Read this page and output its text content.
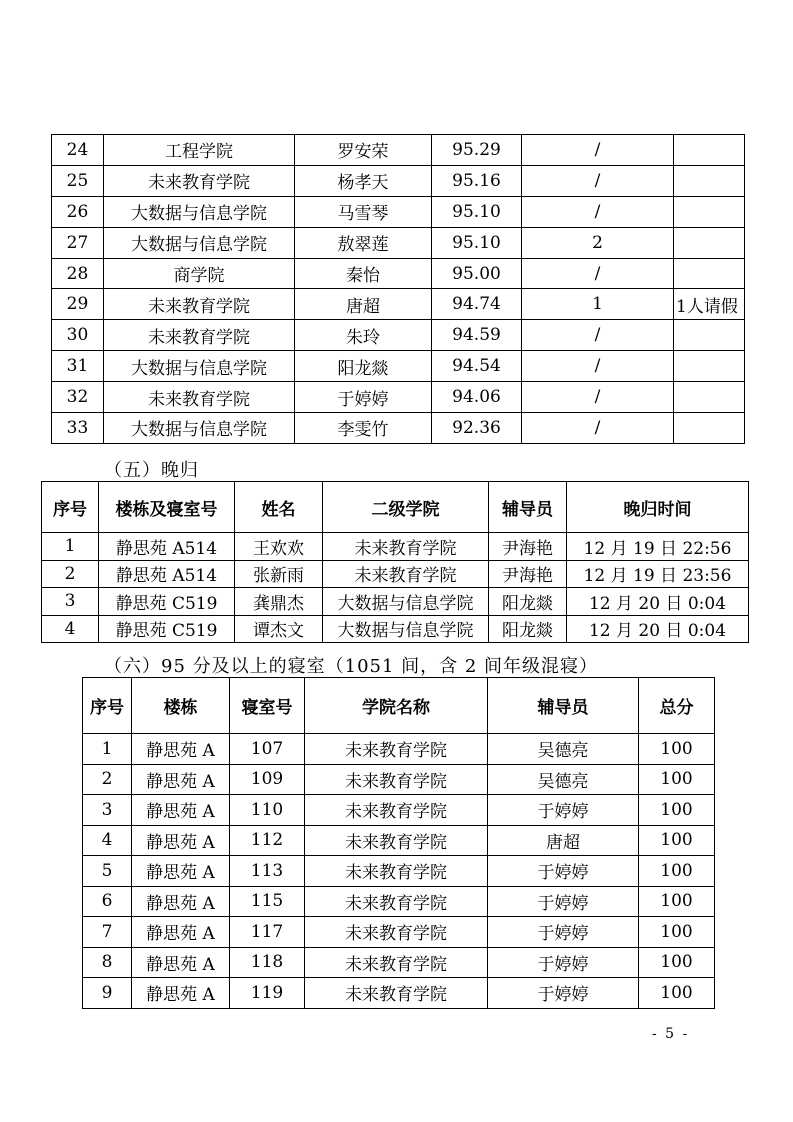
24	工程学院	罗安荣	95.29	/	
25	未来教育学院	杨孝天	95.16	/	
26	大数据与信息学院	马雪琴	95.10	/	
27	大数据与信息学院	敖翠莲	95.10	2	
28	商学院	秦怡	95.00	/	
29	未来教育学院	唐超	94.74	1	1人请假
30	未来教育学院	朱玲	94.59	/	
31	大数据与信息学院	阳龙燚	94.54	/	
32	未来教育学院	于婷婷	94.06	/	
33	大数据与信息学院	李雯竹	92.36	/	
（五）晚归
序号	楼栋及寝室号	姓名	二级学院	辅导员	晚归时间
1	静思苑 A514	王欢欢	未来教育学院	尹海艳	12 月 19 日 22:56
2	静思苑 A514	张新雨	未来教育学院	尹海艳	12 月 19 日 23:56
3	静思苑 C519	龚鼎杰	大数据与信息学院	阳龙燚	12 月 20 日 0:04
4	静思苑 C519	谭杰文	大数据与信息学院	阳龙燚	12 月 20 日 0:04
（六）95 分及以上的寝室（1051 间，含 2 间年级混寝）
序号	楼栋	寝室号	学院名称	辅导员	总分
1	静思苑 A	107	未来教育学院	吴德亮	100
2	静思苑 A	109	未来教育学院	吴德亮	100
3	静思苑 A	110	未来教育学院	于婷婷	100
4	静思苑 A	112	未来教育学院	唐超	100
5	静思苑 A	113	未来教育学院	于婷婷	100
6	静思苑 A	115	未来教育学院	于婷婷	100
7	静思苑 A	117	未来教育学院	于婷婷	100
8	静思苑 A	118	未来教育学院	于婷婷	100
9	静思苑 A	119	未来教育学院	于婷婷	100
- 5 -
